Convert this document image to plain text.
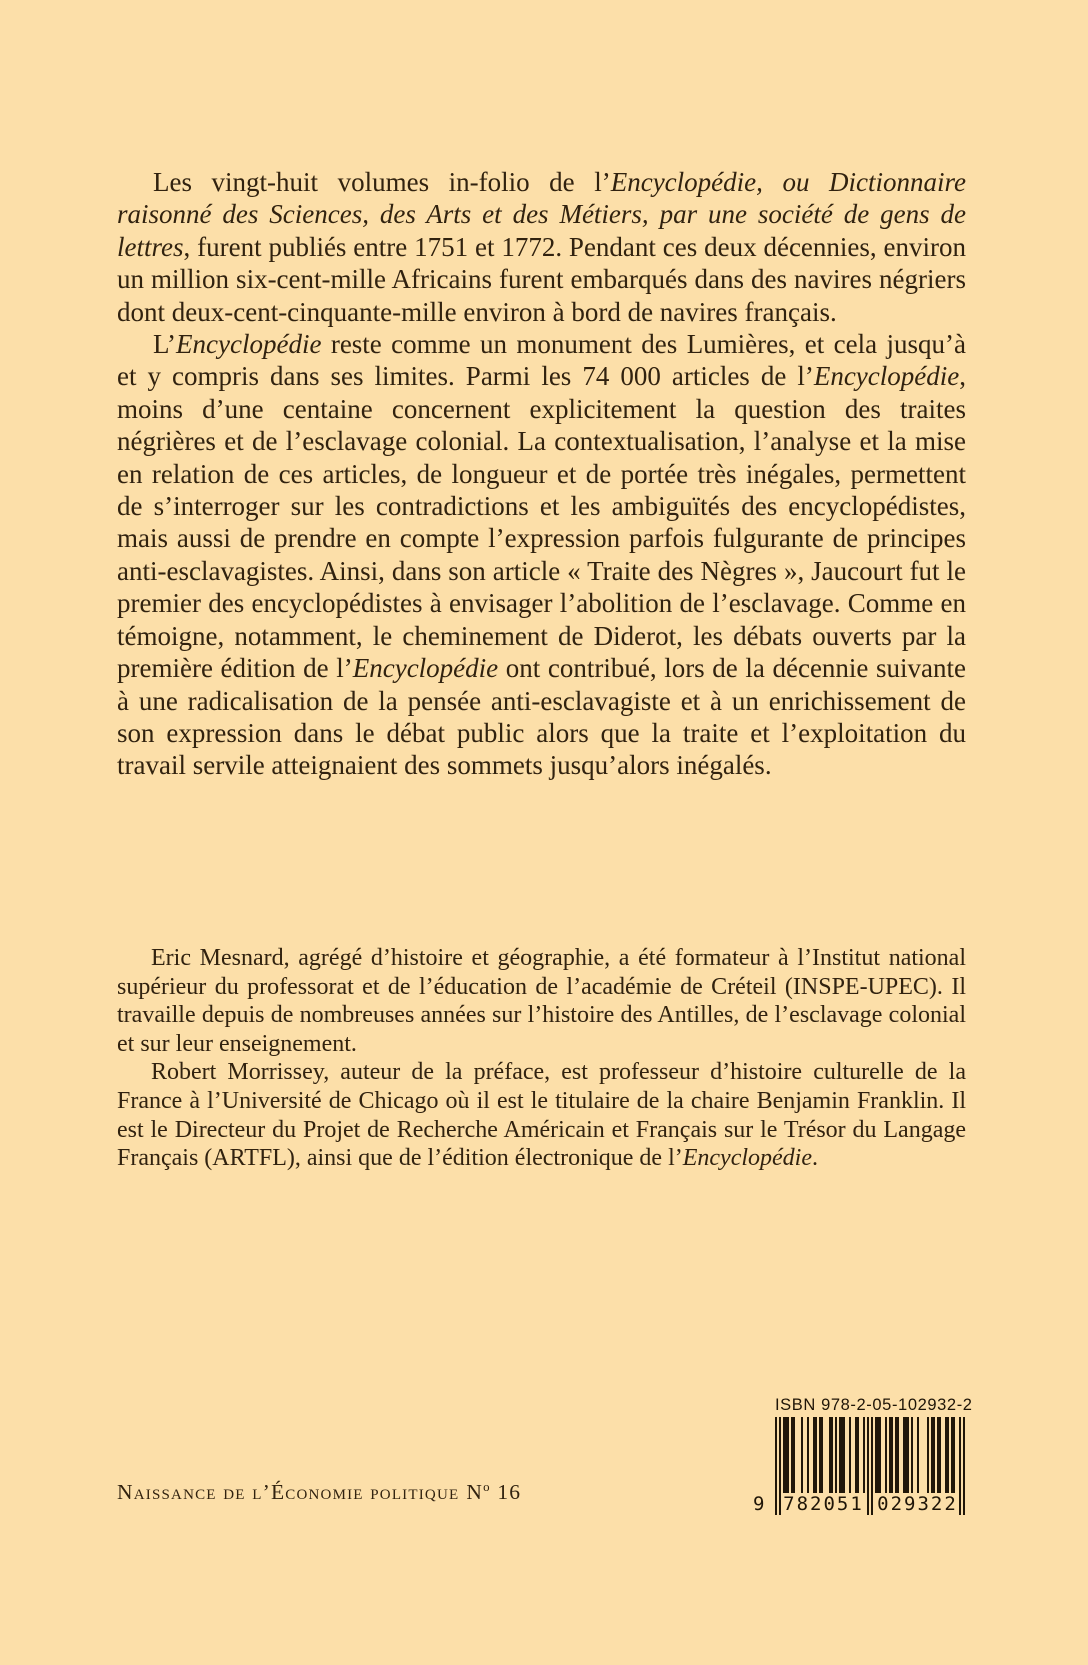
Les vingt-huit volumes in-folio de l’Encyclopédie, ou Dictionnaire raisonné des Sciences, des Arts et des Métiers, par une société de gens de lettres, furent publiés entre 1751 et 1772. Pendant ces deux décennies, environ un million six-cent-mille Africains furent embarqués dans des navires négriers dont deux-cent-cinquante-mille environ à bord de navires français.

L’Encyclopédie reste comme un monument des Lumières, et cela jusqu’à et y compris dans ses limites. Parmi les 74 000 articles de l’Encyclopédie, moins d’une centaine concernent explicitement la question des traites négrières et de l’esclavage colonial. La contextualisation, l’analyse et la mise en relation de ces articles, de longueur et de portée très inégales, permettent de s’interroger sur les contradictions et les ambiguïtés des encyclopédistes, mais aussi de prendre en compte l’expression parfois fulgurante de principes anti-esclavagistes. Ainsi, dans son article « Traite des Nègres », Jaucourt fut le premier des encyclopédistes à envisager l’abolition de l’esclavage. Comme en témoigne, notamment, le cheminement de Diderot, les débats ouverts par la première édition de l’Encyclopédie ont contribué, lors de la décennie suivante à une radicalisation de la pensée anti-esclavagiste et à un enrichissement de son expression dans le débat public alors que la traite et l’exploitation du travail servile atteignaient des sommets jusqu’alors inégalés.

Eric Mesnard, agrégé d’histoire et géographie, a été formateur à l’Institut national supérieur du professorat et de l’éducation de l’académie de Créteil (INSPE-UPEC). Il travaille depuis de nombreuses années sur l’histoire des Antilles, de l’esclavage colonial et sur leur enseignement.

Robert Morrissey, auteur de la préface, est professeur d’histoire culturelle de la France à l’Université de Chicago où il est le titulaire de la chaire Benjamin Franklin. Il est le Directeur du Projet de Recherche Américain et Français sur le Trésor du Langage Français (ARTFL), ainsi que de l’édition électronique de l’Encyclopédie.

ISBN 978-2-05-102932-2
9 782051 029322
Naissance de l’Économie politique $N^o$ 16
